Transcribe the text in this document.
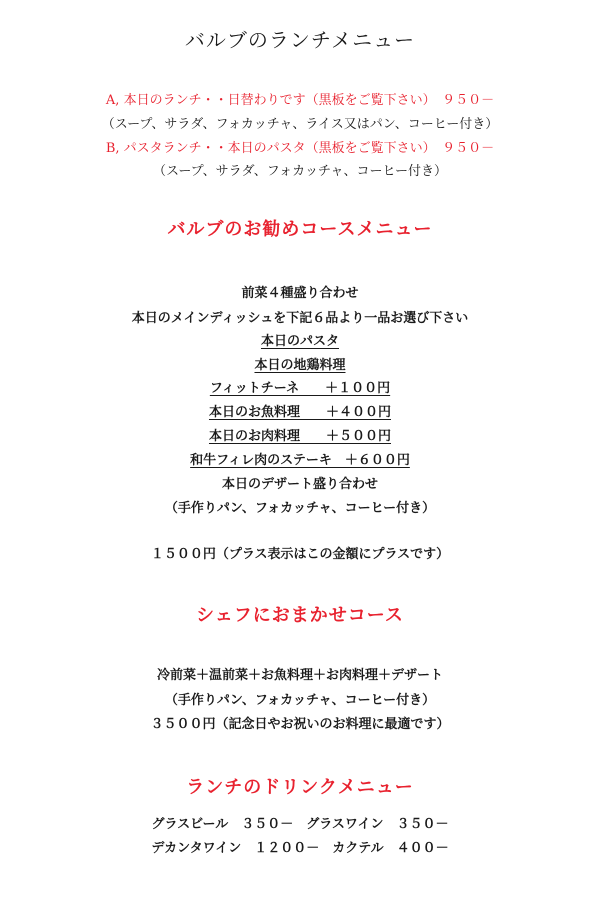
バルブのランチメニュー
A, 本日のランチ・・日替わりです（黒板をご覧下さい）　９５０－
（スープ、サラダ、フォカッチャ、ライス又はパン、コーヒー付き）
B, パスタランチ・・本日のパスタ（黒板をご覧下さい）　９５０－
（スープ、サラダ、フォカッチャ、コーヒー付き）
バルブのお勧めコースメニュー
前菜４種盛り合わせ
本日のメインディッシュを下記６品より一品お選び下さい
本日のパスタ
本日の地鶏料理
フィットチーネ　　＋１００円
本日のお魚料理　　＋４００円
本日のお肉料理　　＋５００円
和牛フィレ肉のステーキ　＋６００円
本日のデザート盛り合わせ
（手作りパン、フォカッチャ、コーヒー付き）
１５００円（プラス表示はこの金額にプラスです）
シェフにおまかせコース
冷前菜＋温前菜＋お魚料理＋お肉料理＋デザート
（手作りパン、フォカッチャ、コーヒー付き）
３５００円（記念日やお祝いのお料理に最適です）
ランチのドリンクメニュー
グラスビール　３５０－ グラスワイン　３５０－
デカンタワイン　１２００－ カクテル　４００－
